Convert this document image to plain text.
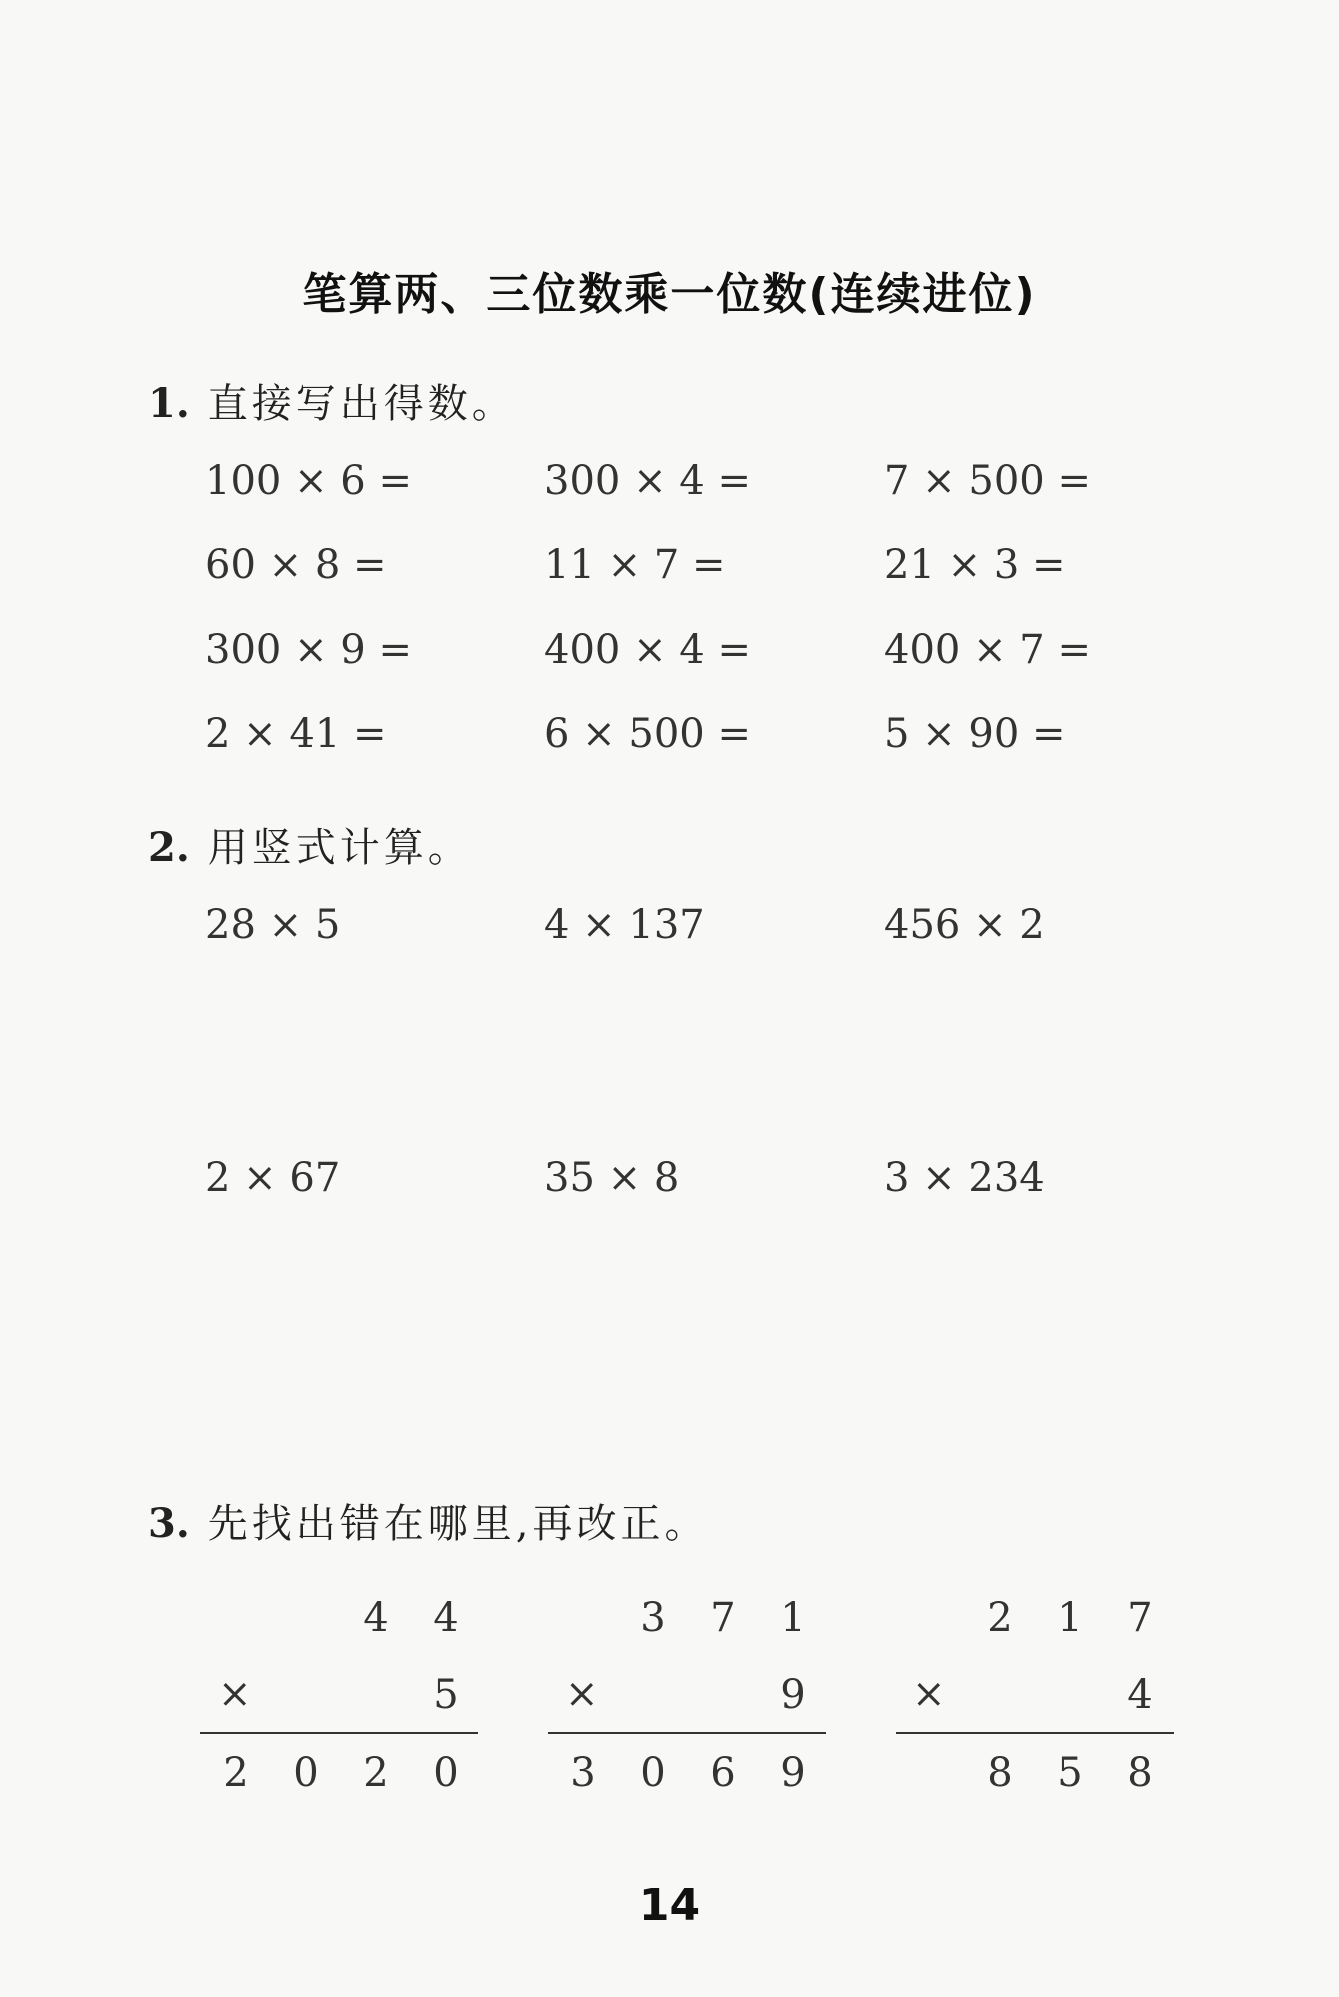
笔算两、三位数乘一位数(连续进位)
1. 直接写出得数。
100 × 6 =	300 × 4 =	7 × 500 =
60 × 8 =	11 × 7 =	21 × 3 =
300 × 9 =	400 × 4 =	400 × 7 =
2 × 41 =	6 × 500 =	5 × 90 =
2. 用竖式计算。
28 × 5	4 × 137	456 × 2
2 × 67	35 × 8	3 × 234
3. 先找出错在哪里,再改正。
4 4
×	5
2 0 2 0
3 7 1
×	9
3 0 6 9
2 1 7
×	4
8 5 8
14
